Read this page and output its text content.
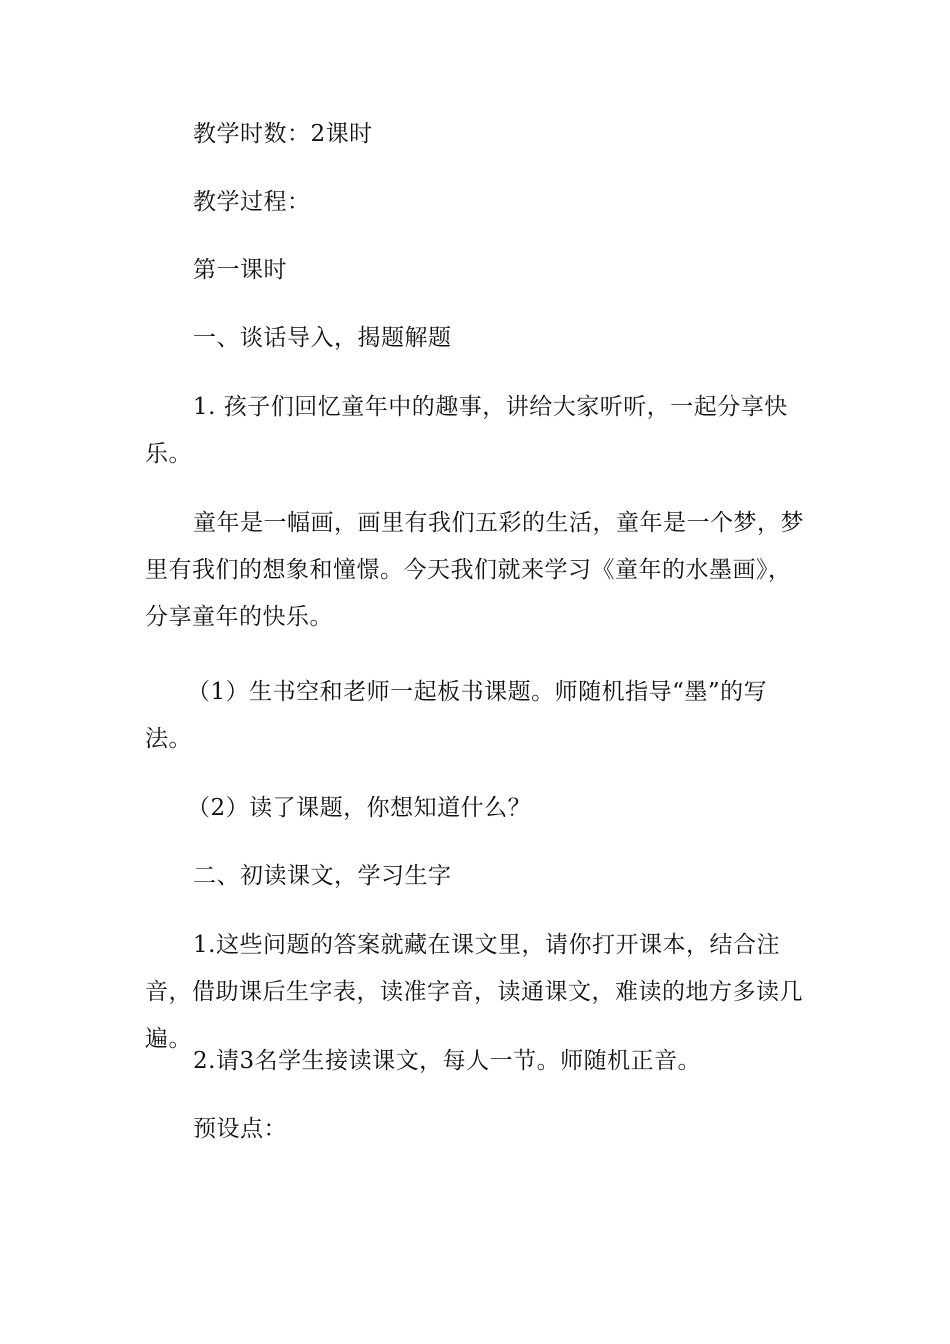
教学时数：2课时

教学过程：

第一课时

一、谈话导入，揭题解题

1. 孩子们回忆童年中的趣事，讲给大家听听，一起分享快乐。

童年是一幅画，画里有我们五彩的生活，童年是一个梦，梦里有我们的想象和憧憬。今天我们就来学习《童年的水墨画》，分享童年的快乐。

（1）生书空和老师一起板书课题。师随机指导“墨”的写法。

（2）读了课题，你想知道什么？

二、初读课文，学习生字

1.这些问题的答案就藏在课文里，请你打开课本，结合注音，借助课后生字表，读准字音，读通课文，难读的地方多读几遍。

2.请3名学生接读课文，每人一节。师随机正音。

预设点：
